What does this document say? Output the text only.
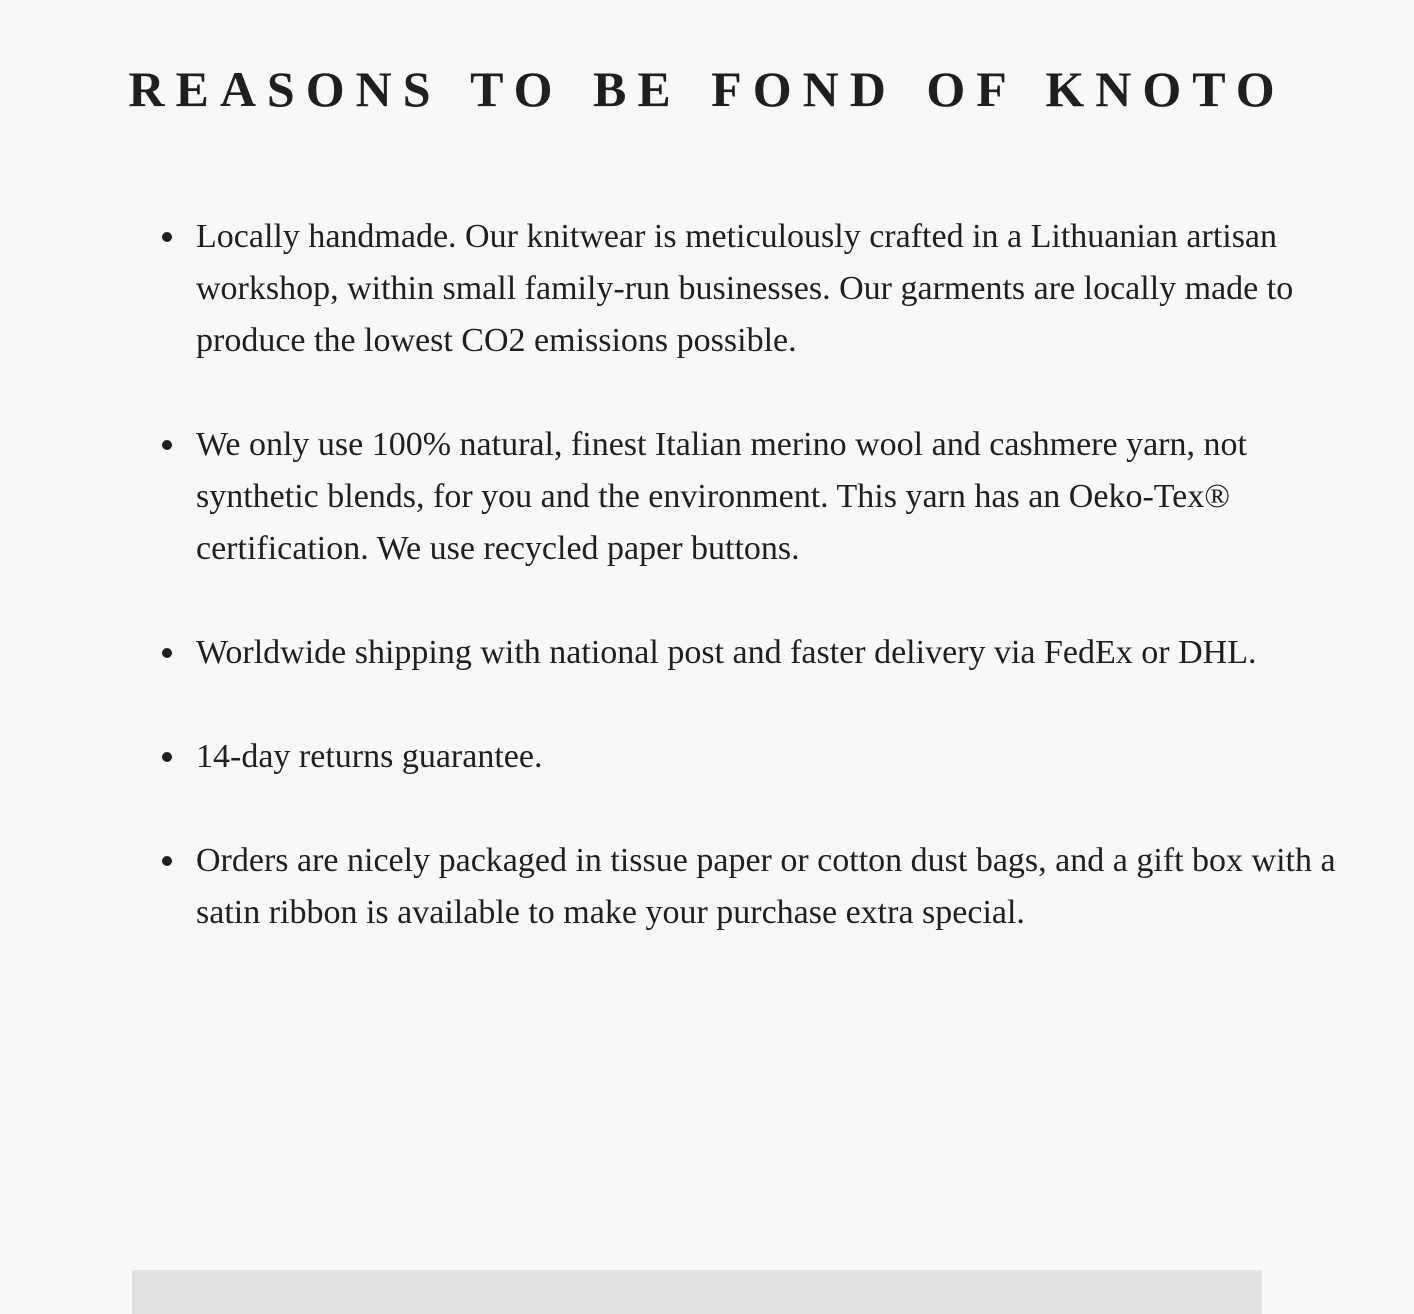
REASONS TO BE FOND OF KNOTO
Locally handmade. Our knitwear is meticulously crafted in a Lithuanian artisan workshop, within small family-run businesses. Our garments are locally made to produce the lowest CO2 emissions possible.
We only use 100% natural, finest Italian merino wool and cashmere yarn, not synthetic blends, for you and the environment. This yarn has an Oeko-Tex® certification. We use recycled paper buttons.
Worldwide shipping with national post and faster delivery via FedEx or DHL.
14-day returns guarantee.
Orders are nicely packaged in tissue paper or cotton dust bags, and a gift box with a satin ribbon is available to make your purchase extra special.
